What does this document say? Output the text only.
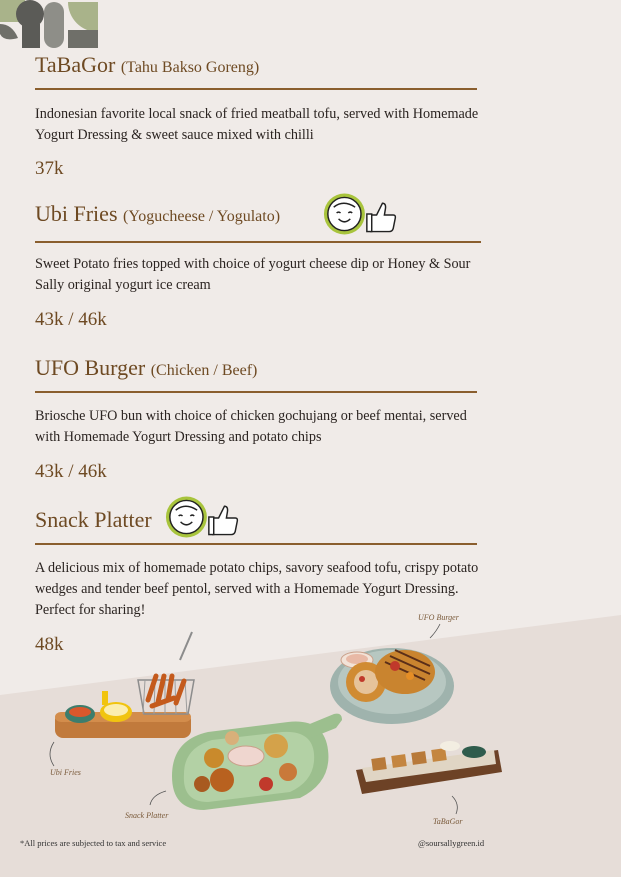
TaBaGor (Tahu Bakso Goreng)
Indonesian favorite local snack of fried meatball tofu, served with Homemade Yogurt Dressing & sweet sauce mixed with chilli
37k
Ubi Fries (Yogucheese / Yogulato)
Sweet Potato fries topped with choice of yogurt cheese dip or Honey & Sour Sally original yogurt ice cream
43k / 46k
UFO Burger (Chicken / Beef)
Briosche UFO bun with choice of chicken gochujang or beef mentai, served with Homemade Yogurt Dressing and potato chips
43k / 46k
Snack Platter
A delicious mix of homemade potato chips, savory seafood tofu, crispy potato wedges and tender beef pentol, served with a Homemade Yogurt Dressing. Perfect for sharing!
48k
UFO Burger
Ubi Fries
Snack Platter
TaBaGor
*All prices are subjected to tax and service	@soursallygreen.id
